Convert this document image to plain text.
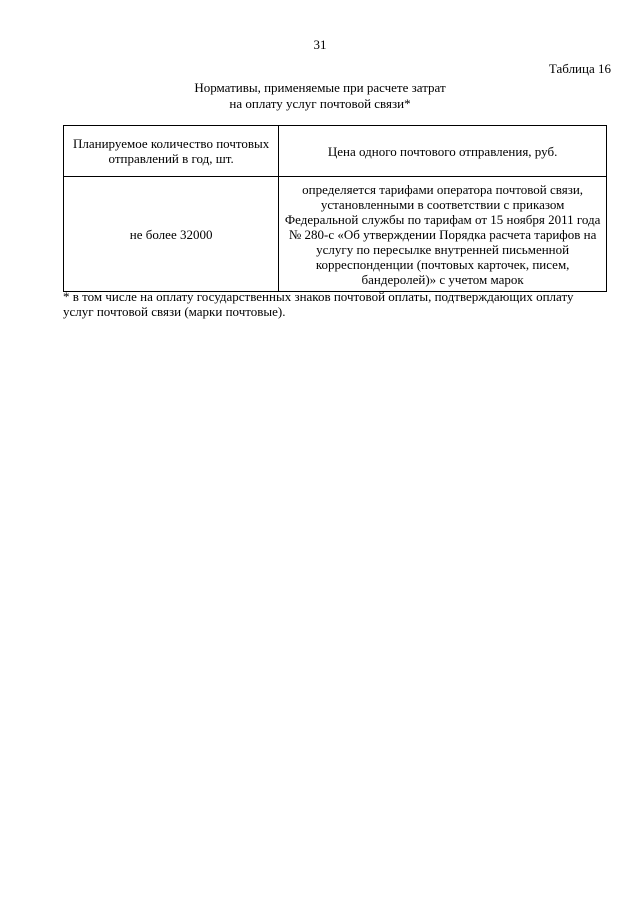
31
Таблица 16
Нормативы, применяемые при расчете затрат
на оплату услуг почтовой связи*
Планируемое количество почтовых отправлений в год, шт.	Цена одного почтового отправления, руб.
не более 32000	определяется тарифами оператора почтовой связи, установленными в соответствии с приказом Федеральной службы по тарифам от 15 ноября 2011 года № 280-с «Об утверждении Порядка расчета тарифов на услугу по пересылке внутренней письменной корреспонденции (почтовых карточек, писем, бандеролей)» с учетом марок
* в том числе на оплату государственных знаков почтовой оплаты, подтверждающих оплату услуг почтовой связи (марки почтовые).
